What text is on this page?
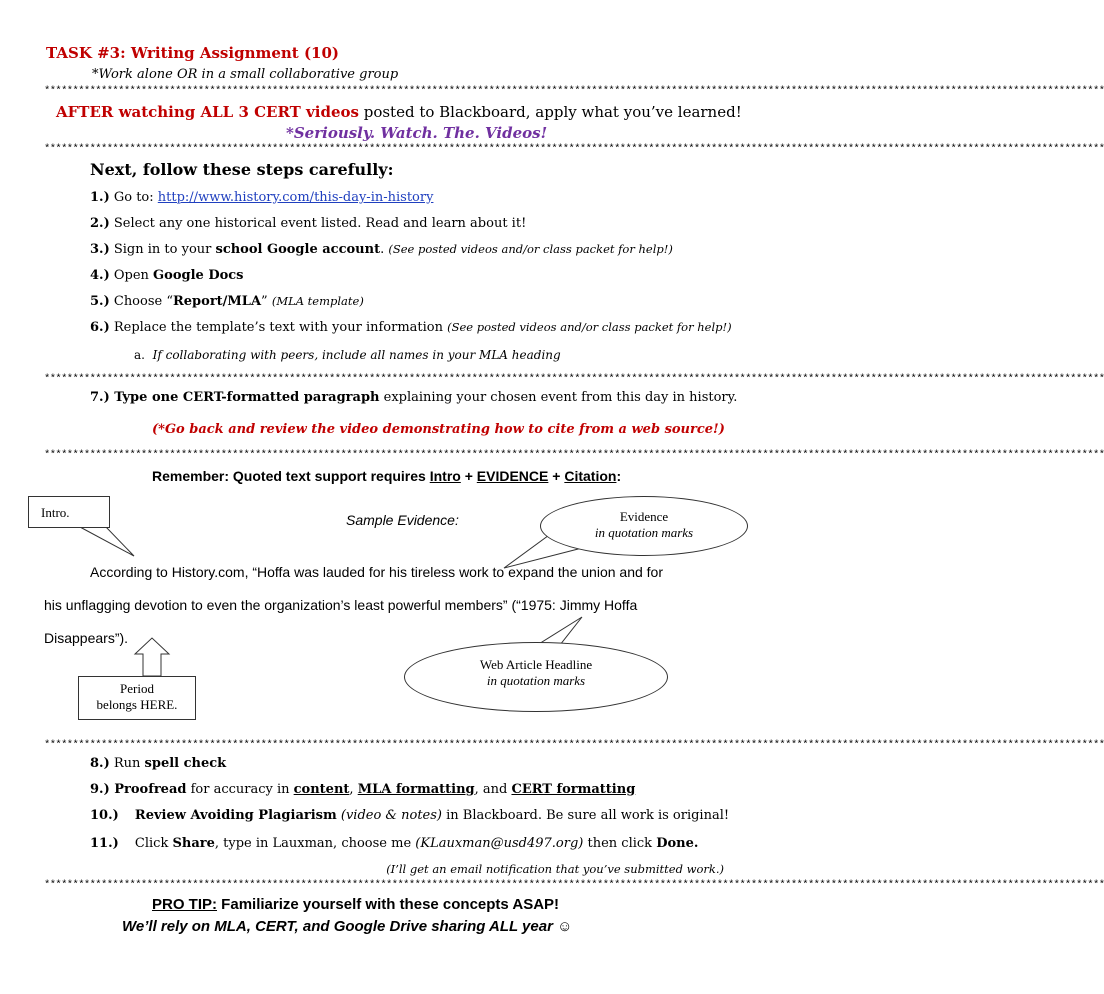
TASK #3: Writing Assignment (10)
*Work alone OR in a small collaborative group
******************************************************************************************************************************************************************************************
AFTER watching ALL 3 CERT videos posted to Blackboard, apply what you’ve learned!
*Seriously. Watch. The. Videos!
******************************************************************************************************************************************************************************************
Next, follow these steps carefully:
1.) Go to: http://www.history.com/this-day-in-history
2.) Select any one historical event listed. Read and learn about it!
3.) Sign in to your school Google account. (See posted videos and/or class packet for help!)
4.) Open Google Docs
5.) Choose “Report/MLA” (MLA template)
6.) Replace the template’s text with your information (See posted videos and/or class packet for help!)
a. If collaborating with peers, include all names in your MLA heading
******************************************************************************************************************************************************************************************
7.) Type one CERT-formatted paragraph explaining your chosen event from this day in history.
(*Go back and review the video demonstrating how to cite from a web source!)
******************************************************************************************************************************************************************************************
Remember: Quoted text support requires Intro + EVIDENCE + Citation:
Intro.	Sample Evidence:	Evidence
in quotation marks
According to History.com, “Hoffa was lauded for his tireless work to expand the union and for
his unflagging devotion to even the organization’s least powerful members” (“1975: Jimmy Hoffa
Disappears”).
Web Article Headline
in quotation marks
Period
belongs HERE.
******************************************************************************************************************************************************************************************
8.) Run spell check
9.) Proofread for accuracy in content, MLA formatting, and CERT formatting
10.) Review Avoiding Plagiarism (video & notes) in Blackboard. Be sure all work is original!
11.) Click Share, type in Lauxman, choose me (KLauxman@usd497.org) then click Done.
(I’ll get an email notification that you’ve submitted work.)
******************************************************************************************************************************************************************************************
PRO TIP: Familiarize yourself with these concepts ASAP!
We’ll rely on MLA, CERT, and Google Drive sharing ALL year ☺
